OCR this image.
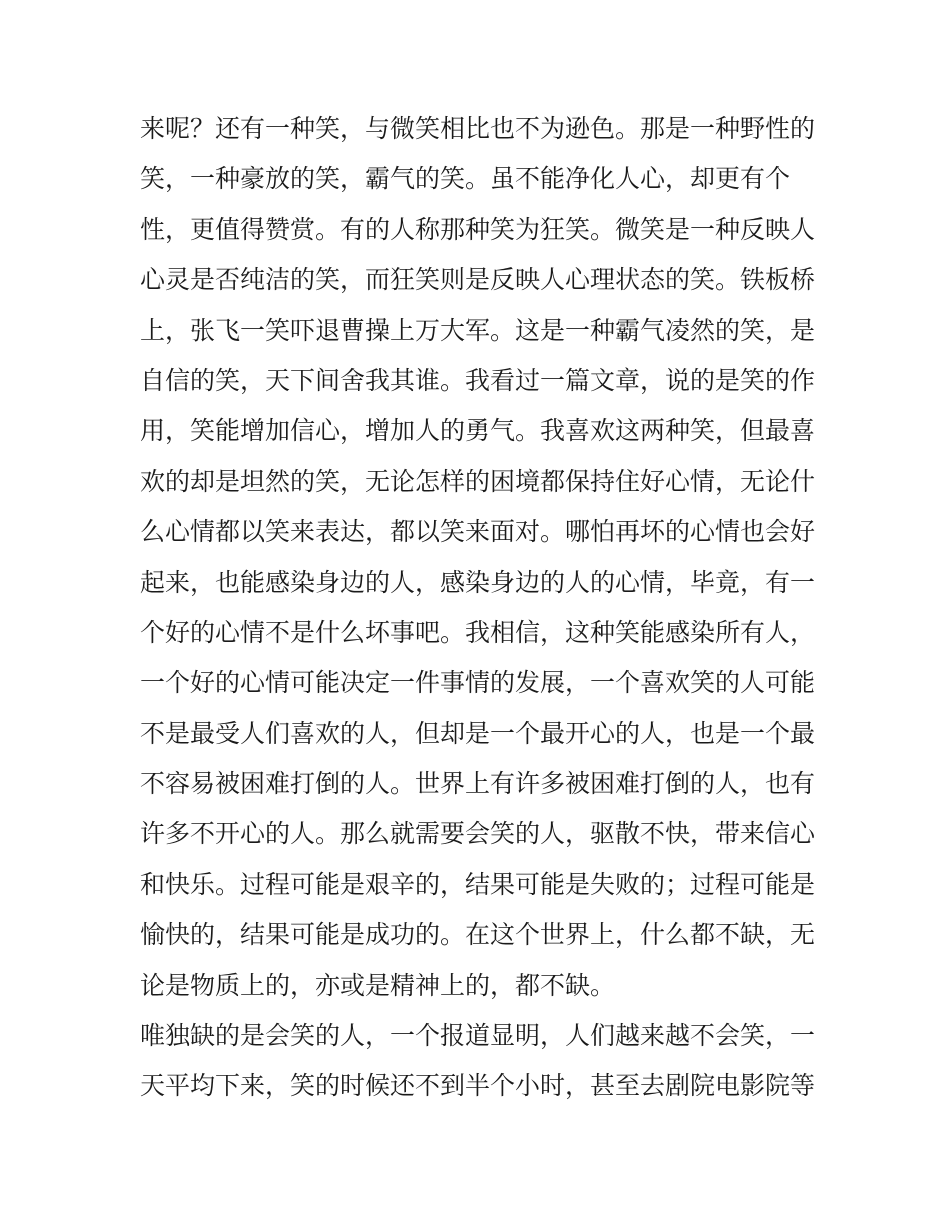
来呢？还有一种笑，与微笑相比也不为逊色。那是一种野性的
笑，一种豪放的笑，霸气的笑。虽不能净化人心，却更有个
性，更值得赞赏。有的人称那种笑为狂笑。微笑是一种反映人
心灵是否纯洁的笑，而狂笑则是反映人心理状态的笑。铁板桥
上，张飞一笑吓退曹操上万大军。这是一种霸气凌然的笑，是
自信的笑，天下间舍我其谁。我看过一篇文章，说的是笑的作
用，笑能增加信心，增加人的勇气。我喜欢这两种笑，但最喜
欢的却是坦然的笑，无论怎样的困境都保持住好心情，无论什
么心情都以笑来表达，都以笑来面对。哪怕再坏的心情也会好
起来，也能感染身边的人，感染身边的人的心情，毕竟，有一
个好的心情不是什么坏事吧。我相信，这种笑能感染所有人，
一个好的心情可能决定一件事情的发展，一个喜欢笑的人可能
不是最受人们喜欢的人，但却是一个最开心的人，也是一个最
不容易被困难打倒的人。世界上有许多被困难打倒的人，也有
许多不开心的人。那么就需要会笑的人，驱散不快，带来信心
和快乐。过程可能是艰辛的，结果可能是失败的；过程可能是
愉快的，结果可能是成功的。在这个世界上，什么都不缺，无
论是物质上的，亦或是精神上的，都不缺。
唯独缺的是会笑的人，一个报道显明，人们越来越不会笑，一
天平均下来，笑的时候还不到半个小时，甚至去剧院电影院等
